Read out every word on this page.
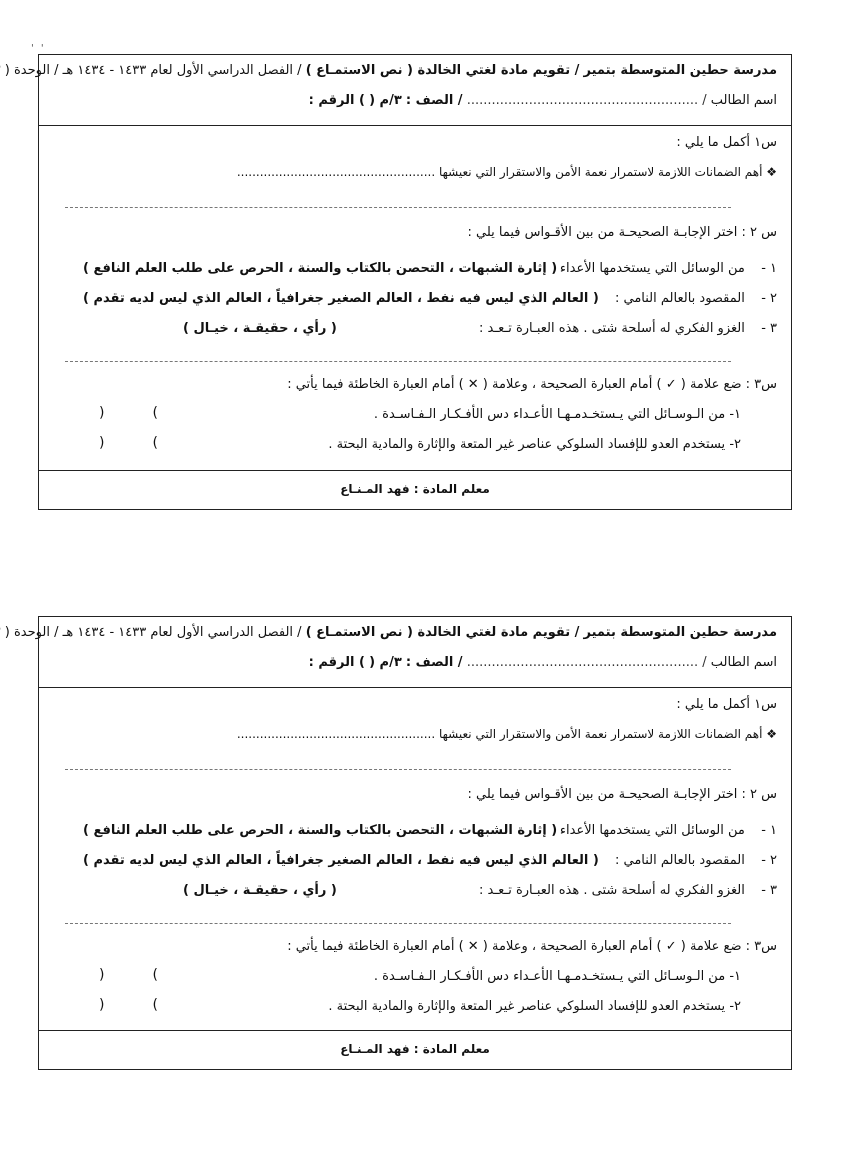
' '
مدرسة حطين المتوسطة بتمير / تقويم مادة لغتي الخالدة ( نص الاستمـاع ) / الفصل الدراسي الأول لعام ١٤٣٣ - ١٤٣٤ هـ / الوحدة (
اسم الطالب / ........................................................ / الصف : ٣/م ( ) الرقم :
س١ أكمل ما يلي :
❖ أهم الضمانات اللازمة لاستمرار نعمة الأمن والاستقرار التي نعيشها ....................................................
س ٢ : اختر الإجابـة الصحيحـة من بين الأقـواس فيما يلي :
١ - من الوسائل التي يستخدمها الأعداء
( إثارة الشبهات ، التحصن بالكتاب والسنة ، الحرص على طلب العلم النافع )
٢ - المقصود بالعالم النامي :
( العالم الذي ليس فيه نفط ، العالم الصغير جغرافياً ، العالم الذي ليس لديه تقدم )
٣ - الغزو الفكري له أسلحة شتى . هذه العبـارة تـعـد :
( رأي ، حقيقـة ، خيـال )
س٣ : ضع علامة ( ✓ ) أمام العبارة الصحيحة ، وعلامة ( ✕ ) أمام العبارة الخاطئة فيما يأتي :
١- من الـوسـائل التي يـستخـدمـهـا الأعـداء دس الأفـكـار الـفـاسـدة .
)(
٢- يستخدم العدو للإفساد السلوكي عناصر غير المتعة والإثارة والمادية البحتة .
)(
معلم المادة : فهد المـنـاع
مدرسة حطين المتوسطة بتمير / تقويم مادة لغتي الخالدة ( نص الاستمـاع ) / الفصل الدراسي الأول لعام ١٤٣٣ - ١٤٣٤ هـ / الوحدة (
اسم الطالب / ........................................................ / الصف : ٣/م ( ) الرقم :
س١ أكمل ما يلي :
❖ أهم الضمانات اللازمة لاستمرار نعمة الأمن والاستقرار التي نعيشها ....................................................
س ٢ : اختر الإجابـة الصحيحـة من بين الأقـواس فيما يلي :
١ - من الوسائل التي يستخدمها الأعداء
( إثارة الشبهات ، التحصن بالكتاب والسنة ، الحرص على طلب العلم النافع )
٢ - المقصود بالعالم النامي :
( العالم الذي ليس فيه نفط ، العالم الصغير جغرافياً ، العالم الذي ليس لديه تقدم )
٣ - الغزو الفكري له أسلحة شتى . هذه العبـارة تـعـد :
( رأي ، حقيقـة ، خيـال )
س٣ : ضع علامة ( ✓ ) أمام العبارة الصحيحة ، وعلامة ( ✕ ) أمام العبارة الخاطئة فيما يأتي :
١- من الـوسـائل التي يـستخـدمـهـا الأعـداء دس الأفـكـار الـفـاسـدة .
)(
٢- يستخدم العدو للإفساد السلوكي عناصر غير المتعة والإثارة والمادية البحتة .
)(
معلم المادة : فهد المـنـاع
